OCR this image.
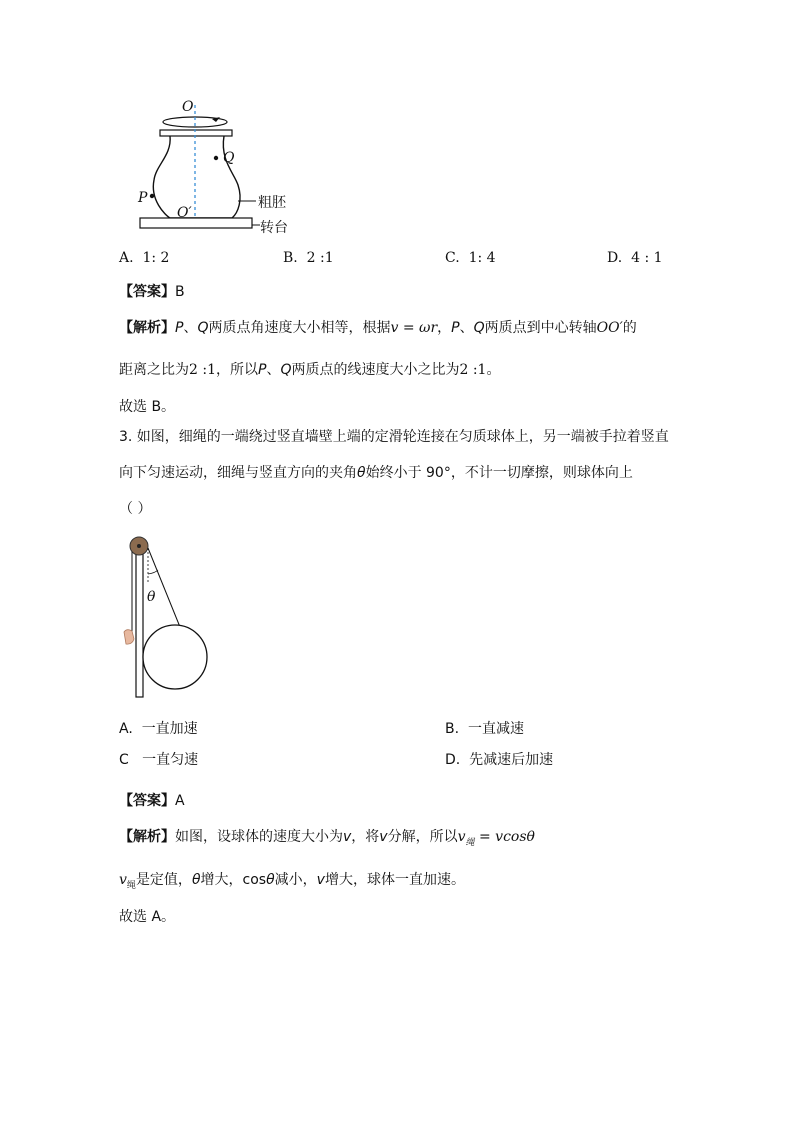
O
Q
P
O′
粗胚
转台
A. 1: 2	B. 2 :1	C. 1: 4	D. 4 : 1
【答案】B
【解析】P、Q两质点角速度大小相等，根据v = ωr，P、Q两质点到中心转轴OO′的
距离之比为2 :1，所以P、Q两质点的线速度大小之比为2 :1。
故选 B。
3. 如图，细绳的一端绕过竖直墙壁上端的定滑轮连接在匀质球体上，另一端被手拉着竖直
向下匀速运动，细绳与竖直方向的夹角θ始终小于 90°，不计一切摩擦，则球体向上
（ ）
θ
A. 一直加速	B. 一直减速
C 一直匀速	D. 先减速后加速
【答案】A
【解析】如图，设球体的速度大小为v，将v分解，所以$v_绳 = vcos\theta$
$v_绳$是定值，θ增大，cosθ减小，v增大，球体一直加速。
故选 A。
